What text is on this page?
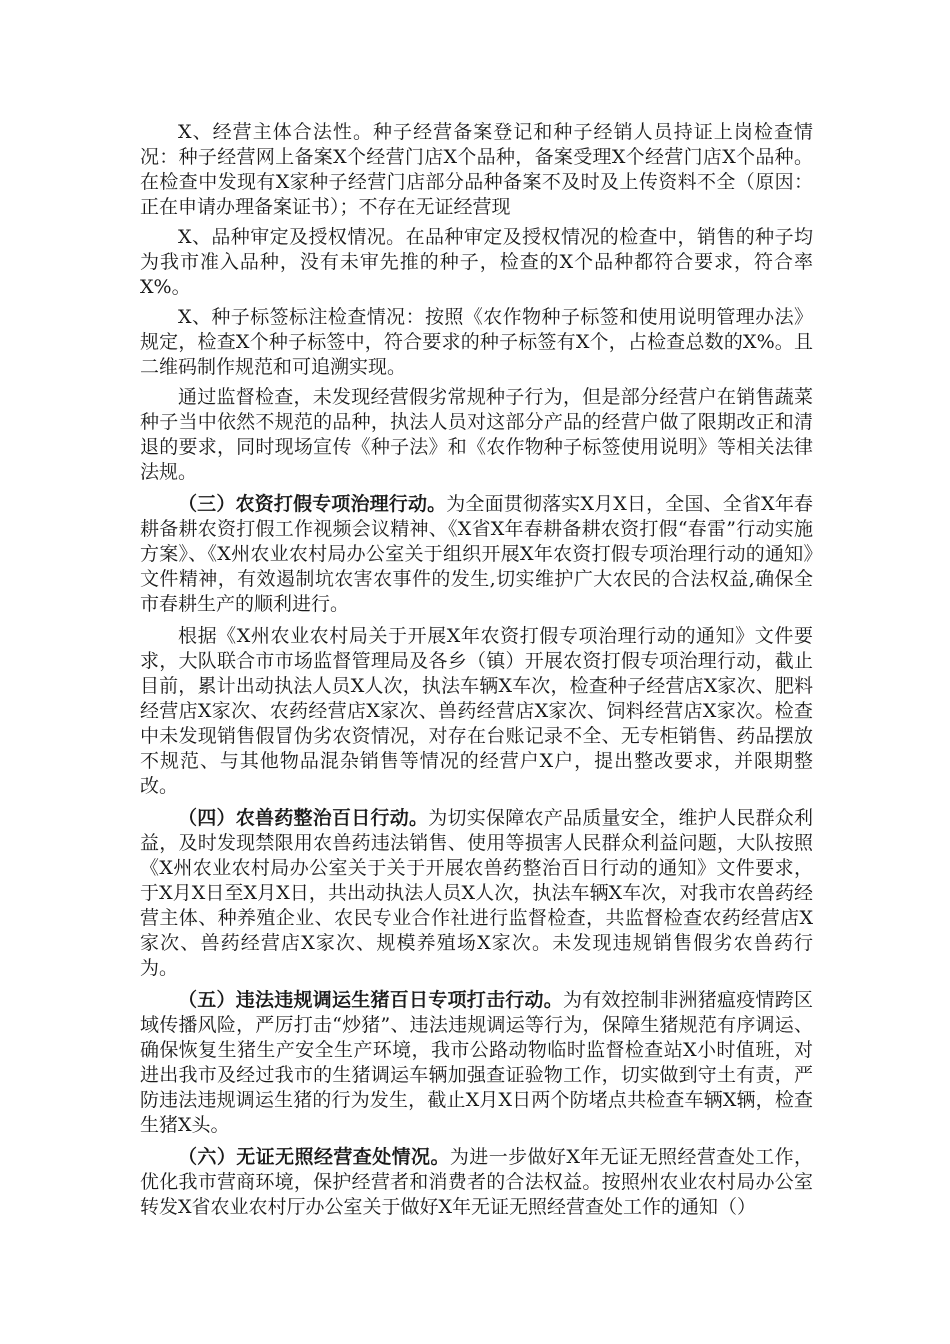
X、经营主体合法性。种子经营备案登记和种子经销人员持证上岗检查情况：种子经营网上备案X个经营门店X个品种，备案受理X个经营门店X个品种。在检查中发现有X家种子经营门店部分品种备案不及时及上传资料不全（原因：正在申请办理备案证书）；不存在无证经营现

X、品种审定及授权情况。在品种审定及授权情况的检查中，销售的种子均为我市准入品种，没有未审先推的种子，检查的X个品种都符合要求，符合率X%。

X、种子标签标注检查情况：按照《农作物种子标签和使用说明管理办法》规定，检查X个种子标签中，符合要求的种子标签有X个，占检查总数的X%。且二维码制作规范和可追溯实现。

通过监督检查，未发现经营假劣常规种子行为，但是部分经营户在销售蔬菜种子当中依然不规范的品种，执法人员对这部分产品的经营户做了限期改正和清退的要求，同时现场宣传《种子法》和《农作物种子标签使用说明》等相关法律法规。

（三）农资打假专项治理行动。为全面贯彻落实X月X日，全国、全省X年春耕备耕农资打假工作视频会议精神、《X省X年春耕备耕农资打假“春雷”行动实施方案》、《X州农业农村局办公室关于组织开展X年农资打假专项治理行动的通知》文件精神，有效遏制坑农害农事件的发生,切实维护广大农民的合法权益,确保全市春耕生产的顺利进行。

根据《X州农业农村局关于开展X年农资打假专项治理行动的通知》文件要求，大队联合市市场监督管理局及各乡（镇）开展农资打假专项治理行动，截止目前，累计出动执法人员X人次，执法车辆X车次，检查种子经营店X家次、肥料经营店X家次、农药经营店X家次、兽药经营店X家次、饲料经营店X家次。检查中未发现销售假冒伪劣农资情况，对存在台账记录不全、无专柜销售、药品摆放不规范、与其他物品混杂销售等情况的经营户X户，提出整改要求，并限期整改。

（四）农兽药整治百日行动。为切实保障农产品质量安全，维护人民群众利益，及时发现禁限用农兽药违法销售、使用等损害人民群众利益问题，大队按照《X州农业农村局办公室关于关于开展农兽药整治百日行动的通知》文件要求，于X月X日至X月X日，共出动执法人员X人次，执法车辆X车次，对我市农兽药经营主体、种养殖企业、农民专业合作社进行监督检查，共监督检查农药经营店X家次、兽药经营店X家次、规模养殖场X家次。未发现违规销售假劣农兽药行为。

（五）违法违规调运生猪百日专项打击行动。为有效控制非洲猪瘟疫情跨区域传播风险，严厉打击“炒猪”、违法违规调运等行为，保障生猪规范有序调运、确保恢复生猪生产安全生产环境，我市公路动物临时监督检查站X小时值班，对进出我市及经过我市的生猪调运车辆加强查证验物工作，切实做到守土有责，严防违法违规调运生猪的行为发生，截止X月X日两个防堵点共检查车辆X辆，检查生猪X头。

（六）无证无照经营查处情况。为进一步做好X年无证无照经营查处工作，优化我市营商环境，保护经营者和消费者的合法权益。按照州农业农村局办公室转发X省农业农村厅办公室关于做好X年无证无照经营查处工作的通知（）
